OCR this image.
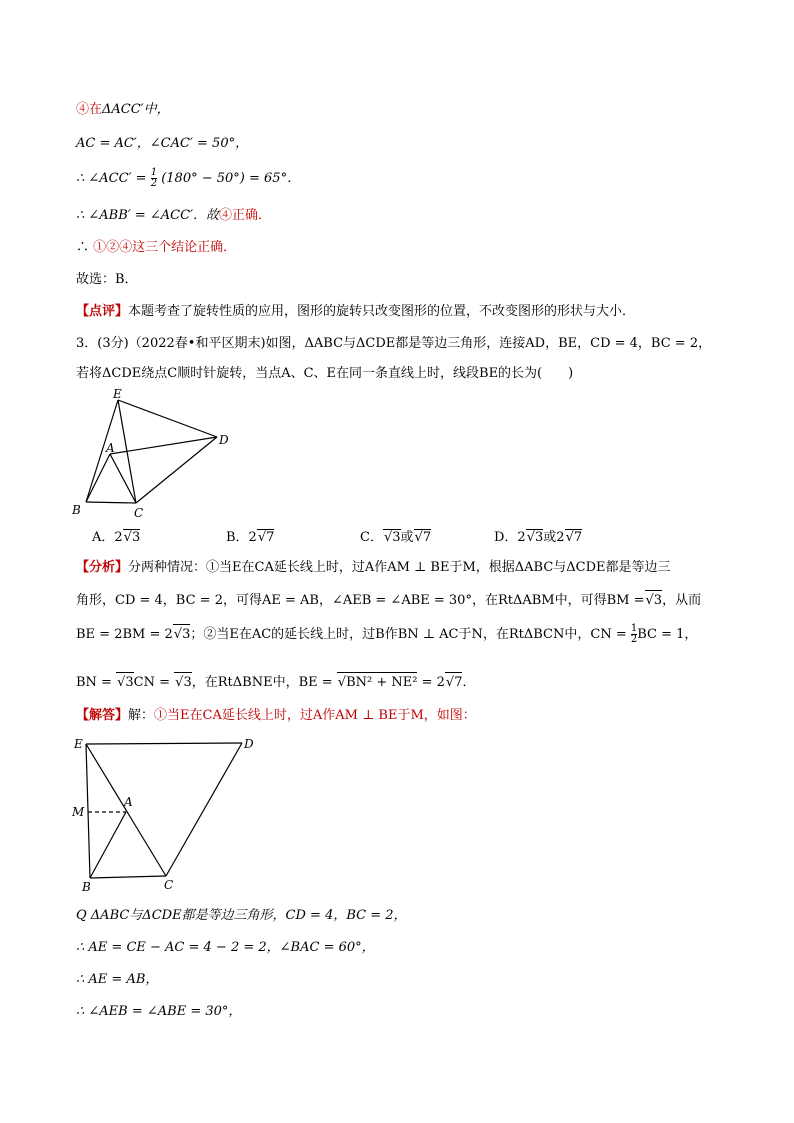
④在ΔACC′中，
AC = AC′，∠CAC′ = 50°，
∴ ∠ACC′ = $\frac{1}{2} (180^\circ - 50^\circ) = 65^\circ$．
∴ ∠ABB′ = ∠ACC′．故④正确．
∴ ①②④这三个结论正确．
故选：B．
【点评】本题考查了旋转性质的应用，图形的旋转只改变图形的位置，不改变图形的形状与大小．
3．(3分)（2022春•和平区期末)如图，ΔABC与ΔCDE都是等边三角形，连接AD，BE，CD = 4，BC = 2，
若将ΔCDE绕点C顺时针旋转，当点A、C、E在同一条直线上时，线段BE的长为(　　)
E
A
D
B	C
A．2√3	B．2√7	C．√3或√7	D．2√3或2√7
【分析】分两种情况：①当E在CA延长线上时，过A作AM ⊥ BE于M，根据ΔABC与ΔCDE都是等边三
角形，CD = 4，BC = 2，可得AE = AB，∠AEB = ∠ABE = 30°，在RtΔABM中，可得BM =√3，从而
BE = 2BM = 2√3；②当E在AC的延长线上时，过B作BN ⊥ AC于N，在RtΔBCN中，CN = $\frac{1}{2}$ BC = 1，
BN = √3CN = √3，在RtΔBNE中，BE = √BN² + NE² = 2√7．
【解答】解：①当E在CA延长线上时，过A作AM ⊥ BE于M，如图：
E	D
M
A
B	C
Q ΔABC与ΔCDE都是等边三角形，CD = 4，BC = 2，
∴ AE = CE − AC = 4 − 2 = 2，∠BAC = 60°，
∴ AE = AB，
∴ ∠AEB = ∠ABE = 30°，
